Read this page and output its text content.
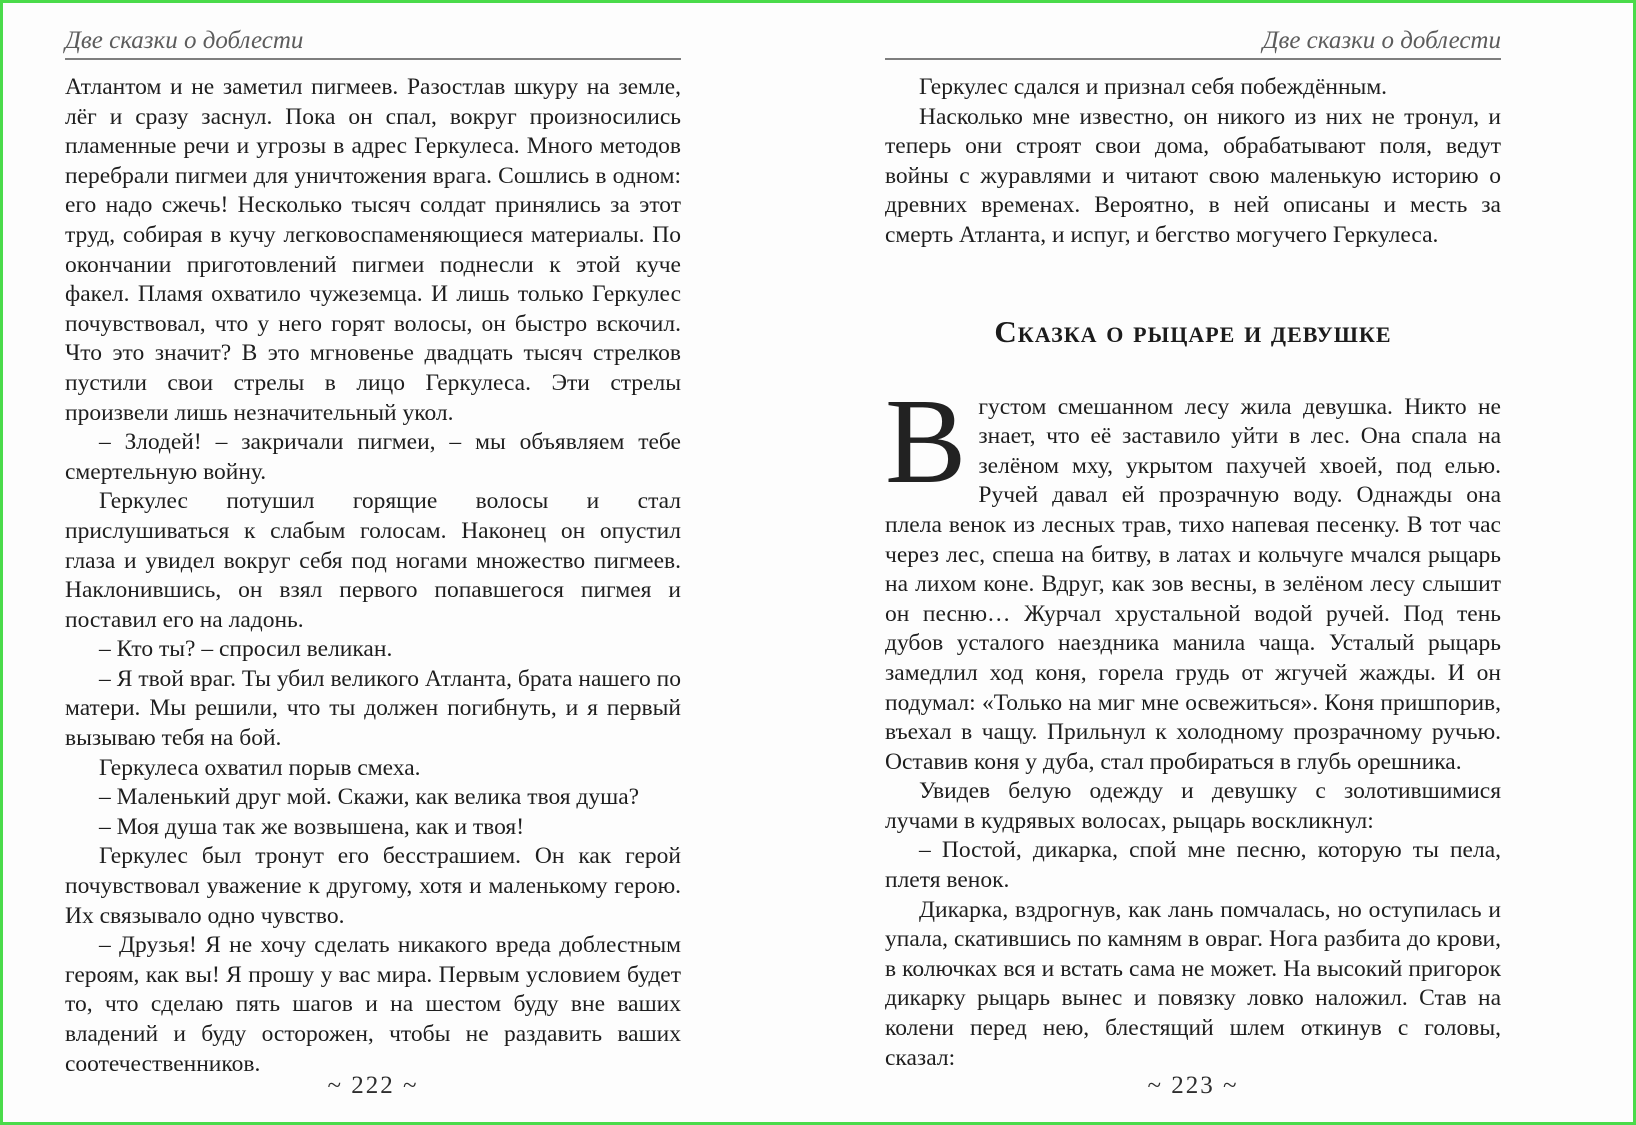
Две сказки о доблести

Атлантом и не заметил пигмеев. Разостлав шкуру на земле, лёг и сразу заснул. Пока он спал, вокруг произносились пламенные речи и угрозы в адрес Геркулеса. Много методов перебрали пигмеи для уничтожения врага. Сошлись в одном: его надо сжечь! Несколько тысяч солдат принялись за этот труд, собирая в кучу легковоспаменяющиеся материалы. По окончании приготовлений пигмеи поднесли к этой куче факел. Пламя охватило чужеземца. И лишь только Геркулес почувствовал, что у него горят волосы, он быстро вскочил. Что это значит? В это мгновенье двадцать тысяч стрелков пустили свои стрелы в лицо Геркулеса. Эти стрелы произвели лишь незначительный укол.

– Злодей! – закричали пигмеи, – мы объявляем тебе смертельную войну.

Геркулес потушил горящие волосы и стал прислушиваться к слабым голосам. Наконец он опустил глаза и увидел вокруг себя под ногами множество пигмеев. Наклонившись, он взял первого попавшегося пигмея и поставил его на ладонь.

– Кто ты? – спросил великан.

– Я твой враг. Ты убил великого Атланта, брата нашего по матери. Мы решили, что ты должен погибнуть, и я первый вызываю тебя на бой.

Геркулеса охватил порыв смеха.

– Маленький друг мой. Скажи, как велика твоя душа?

– Моя душа так же возвышена, как и твоя!

Геркулес был тронут его бесстрашием. Он как герой почувствовал уважение к другому, хотя и маленькому герою. Их связывало одно чувство.

– Друзья! Я не хочу сделать никакого вреда доблестным героям, как вы! Я прошу у вас мира. Первым условием будет то, что сделаю пять шагов и на шестом буду вне ваших владений и буду осторожен, чтобы не раздавить ваших соотечественников.

~ 222 ~
Две сказки о доблести

Геркулес сдался и признал себя побеждённым.

Насколько мне известно, он никого из них не тронул, и теперь они строят свои дома, обрабатывают поля, ведут войны с журавлями и читают свою маленькую историю о древних временах. Вероятно, в ней описаны и месть за смерть Атланта, и испуг, и бегство могучего Геркулеса.

Сказка о рыцаре и девушке

Вгустом смешанном лесу жила девушка. Никто не знает, что её заставило уйти в лес. Она спала на зелёном мху, укрытом пахучей хвоей, под елью. Ручей давал ей прозрачную воду. Однажды она плела венок из лесных трав, тихо напевая песенку. В тот час через лес, спеша на битву, в латах и кольчуге мчался рыцарь на лихом коне. Вдруг, как зов весны, в зелёном лесу слышит он песню… Журчал хрустальной водой ручей. Под тень дубов усталого наездника манила чаща. Усталый рыцарь замедлил ход коня, горела грудь от жгучей жажды. И он подумал: «Только на миг мне освежиться». Коня пришпорив, въехал в чащу. Прильнул к холодному прозрачному ручью. Оставив коня у дуба, стал пробираться в глубь орешника.

Увидев белую одежду и девушку с золотившимися лучами в кудрявых волосах, рыцарь воскликнул:

– Постой, дикарка, спой мне песню, которую ты пела, плетя венок.

Дикарка, вздрогнув, как лань помчалась, но оступилась и упала, скатившись по камням в овраг. Нога разбита до крови, в колючках вся и встать сама не может. На высокий пригорок дикарку рыцарь вынес и повязку ловко наложил. Став на колени перед нею, блестящий шлем откинув с головы, сказал:

~ 223 ~
